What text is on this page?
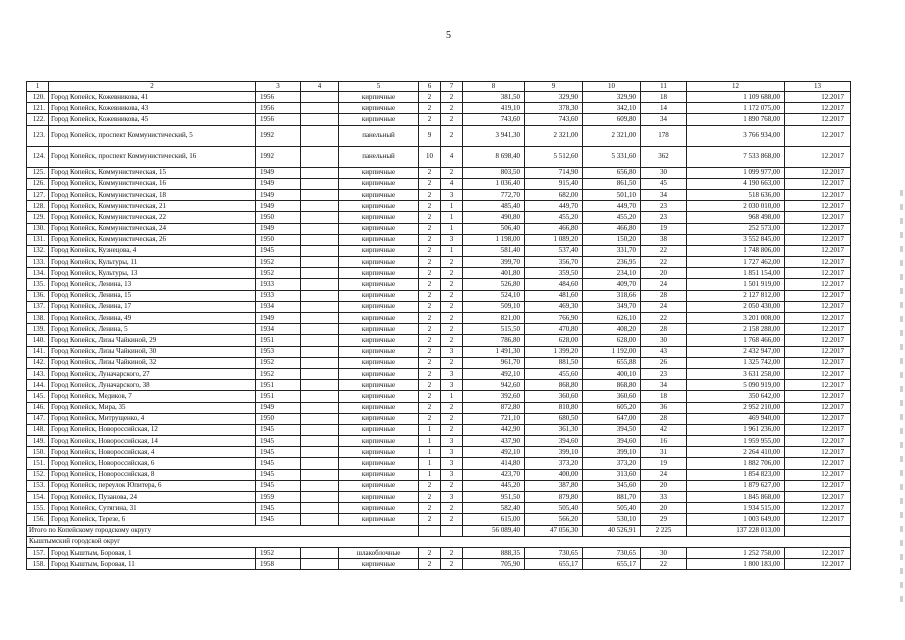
5
1	2	3	4	5	6	7	8	9	10	11	12	13
120.	Город Копейск, Кожевникова, 41	1956		кирпичные	2	2	381,50	329,90	329,90	18	1 109 688,00	12.2017
121.	Город Копейск, Кожевникова, 43	1956		кирпичные	2	2	419,10	378,30	342,10	14	1 172 075,00	12.2017
122.	Город Копейск, Кожевникова, 45	1956		кирпичные	2	2	743,60	743,60	609,80	34	1 890 768,00	12.2017
123.	Город Копейск, проспект Коммунистический, 5	1992		панельный	9	2	3 941,30	2 321,00	2 321,00	178	3 766 934,00	12.2017
124.	Город Копейск, проспект Коммунистический, 16	1992		панельный	10	4	8 698,40	5 512,60	5 331,60	362	7 533 868,00	12.2017
125.	Город Копейск, Коммунистическая, 15	1949		кирпичные	2	2	803,50	714,90	656,80	30	1 099 977,00	12.2017
126.	Город Копейск, Коммунистическая, 16	1949		кирпичные	2	4	1 036,40	915,40	861,50	45	4 190 663,00	12.2017
127.	Город Копейск, Коммунистическая, 18	1949		кирпичные	2	3	772,70	682,00	501,10	34	518 636,00	12.2017
128.	Город Копейск, Коммунистическая, 21	1949		кирпичные	2	1	485,40	449,70	449,70	23	2 030 010,00	12.2017
129.	Город Копейск, Коммунистическая, 22	1950		кирпичные	2	1	490,80	455,20	455,20	23	968 498,00	12.2017
130.	Город Копейск, Коммунистическая, 24	1949		кирпичные	2	1	506,40	466,80	466,80	19	252 573,00	12.2017
131.	Город Копейск, Коммунистическая, 26	1950		кирпичные	2	3	1 198,00	1 089,20	150,20	38	3 552 845,00	12.2017
132.	Город Копейск, Кузнецова, 4	1945		кирпичные	2	1	581,40	537,40	331,70	22	1 748 806,00	12.2017
133.	Город Копейск, Культуры, 11	1952		кирпичные	2	2	399,70	356,70	236,95	22	1 727 462,00	12.2017
134.	Город Копейск, Культуры, 13	1952		кирпичные	2	2	401,80	359,50	234,10	20	1 851 154,00	12.2017
135.	Город Копейск, Ленина, 13	1933		кирпичные	2	2	526,80	484,60	409,70	24	1 501 919,00	12.2017
136.	Город Копейск, Ленина, 15	1933		кирпичные	2	2	524,10	481,60	318,66	28	2 127 812,00	12.2017
137.	Город Копейск, Ленина, 17	1934		кирпичные	2	2	509,10	469,30	349,70	24	2 050 430,00	12.2017
138.	Город Копейск, Ленина, 49	1949		кирпичные	2	2	821,00	766,90	626,10	22	3 201 008,00	12.2017
139.	Город Копейск, Ленина, 5	1934		кирпичные	2	2	515,50	470,80	408,20	28	2 158 288,00	12.2017
140.	Город Копейск, Лизы Чайкиной, 29	1951		кирпичные	2	2	786,80	628,00	628,00	30	1 768 466,00	12.2017
141.	Город Копейск, Лизы Чайкиной, 30	1953		кирпичные	2	3	1 491,30	1 399,20	1 192,00	43	2 432 947,00	12.2017
142.	Город Копейск, Лизы Чайкиной, 32	1952		кирпичные	2	2	961,70	881,50	655,88	26	1 325 742,00	12.2017
143.	Город Копейск, Луначарского, 27	1952		кирпичные	2	3	492,10	455,60	400,10	23	3 631 258,00	12.2017
144.	Город Копейск, Луначарского, 38	1951		кирпичные	2	3	942,60	868,80	868,80	34	5 090 919,00	12.2017
145.	Город Копейск, Медиков, 7	1951		кирпичные	2	1	392,60	360,60	360,60	18	350 642,00	12.2017
146.	Город Копейск, Мира, 35	1949		кирпичные	2	2	872,80	810,80	605,20	36	2 952 210,00	12.2017
147.	Город Копейск, Митрущенко, 4	1950		кирпичные	2	2	721,10	680,50	647,00	28	469 940,00	12.2017
148.	Город Копейск, Новороссийская, 12	1945		кирпичные	1	2	442,90	361,30	394,50	42	1 961 236,00	12.2017
149.	Город Копейск, Новороссийская, 14	1945		кирпичные	1	3	437,90	394,60	394,60	16	1 959 955,00	12.2017
150.	Город Копейск, Новороссийская, 4	1945		кирпичные	1	3	492,10	399,10	399,10	31	2 264 410,00	12.2017
151.	Город Копейск, Новороссийская, 6	1945		кирпичные	1	3	414,80	373,20	373,20	19	1 882 706,00	12.2017
152.	Город Копейск, Новороссийская, 8	1945		кирпичные	1	3	423,70	400,00	313,60	24	1 854 823,00	12.2017
153.	Город Копейск, переулок Юпитера, 6	1945		кирпичные	2	2	445,20	387,80	345,60	20	1 879 627,00	12.2017
154.	Город Копейск, Пузанова, 24	1959		кирпичные	2	3	951,50	879,80	881,70	33	1 845 868,00	12.2017
155.	Город Копейск, Сутягина, 31	1945		кирпичные	2	2	582,40	505,40	505,40	20	1 934 515,00	12.2017
156.	Город Копейск, Терезе, 6	1945		кирпичные	2	2	615,00	566,20	530,10	29	1 003 649,00	12.2017
Итого по Копейскому городскому округу							56 089,40	47 056,30	40 526,91	2 225	137 228 013,00	
Кыштымский городской округ												
157.	Город Кыштым, Боровая, 1	1952		шлакоблочные	2	2	888,35	730,65	730,65	30	1 252 758,00	12.2017
158.	Город Кыштым, Боровая, 11	1958		кирпичные	2	2	705,90	655,17	655,17	22	1 800 183,00	12.2017
